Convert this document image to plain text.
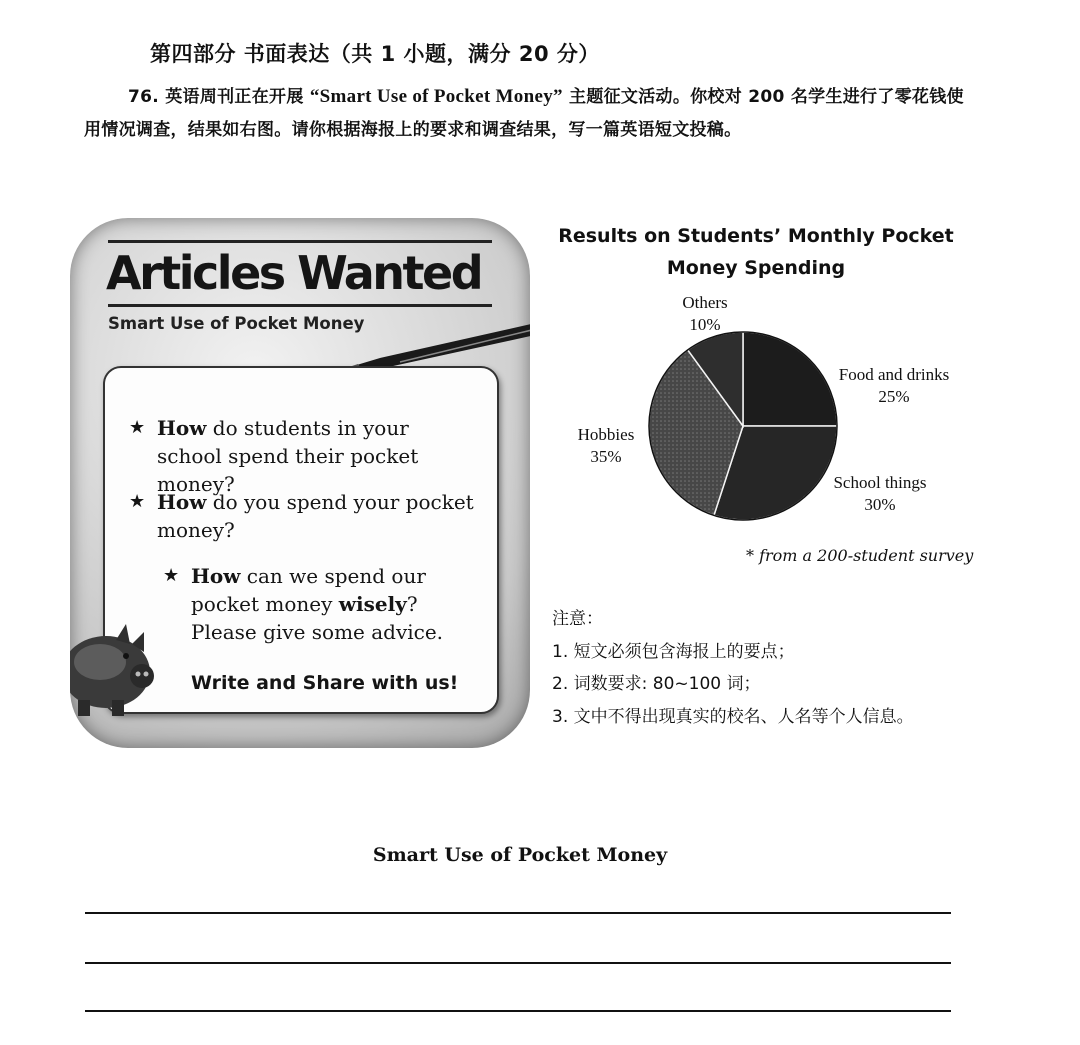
第四部分 书面表达（共 1 小题，满分 20 分）
76. 英语周刊正在开展 “Smart Use of Pocket Money” 主题征文活动。你校对 200 名学生进行了零花钱使用情况调查，结果如右图。请你根据海报上的要求和调查结果，写一篇英语短文投稿。
Articles Wanted
Smart Use of Pocket Money
★ How do students in your school spend their pocket money?
★ How do you spend your pocket money?
★ How can we spend our pocket money wisely? Please give some advice.
Write and Share with us!
Results on Students’ Monthly Pocket Money Spending
Food and drinks
25%
School things
30%
Hobbies
35%
Others
10%
* from a 200-student survey
注意：
1. 短文必须包含海报上的要点；
2. 词数要求: 80~100 词；
3. 文中不得出现真实的校名、人名等个人信息。
Smart Use of Pocket Money
